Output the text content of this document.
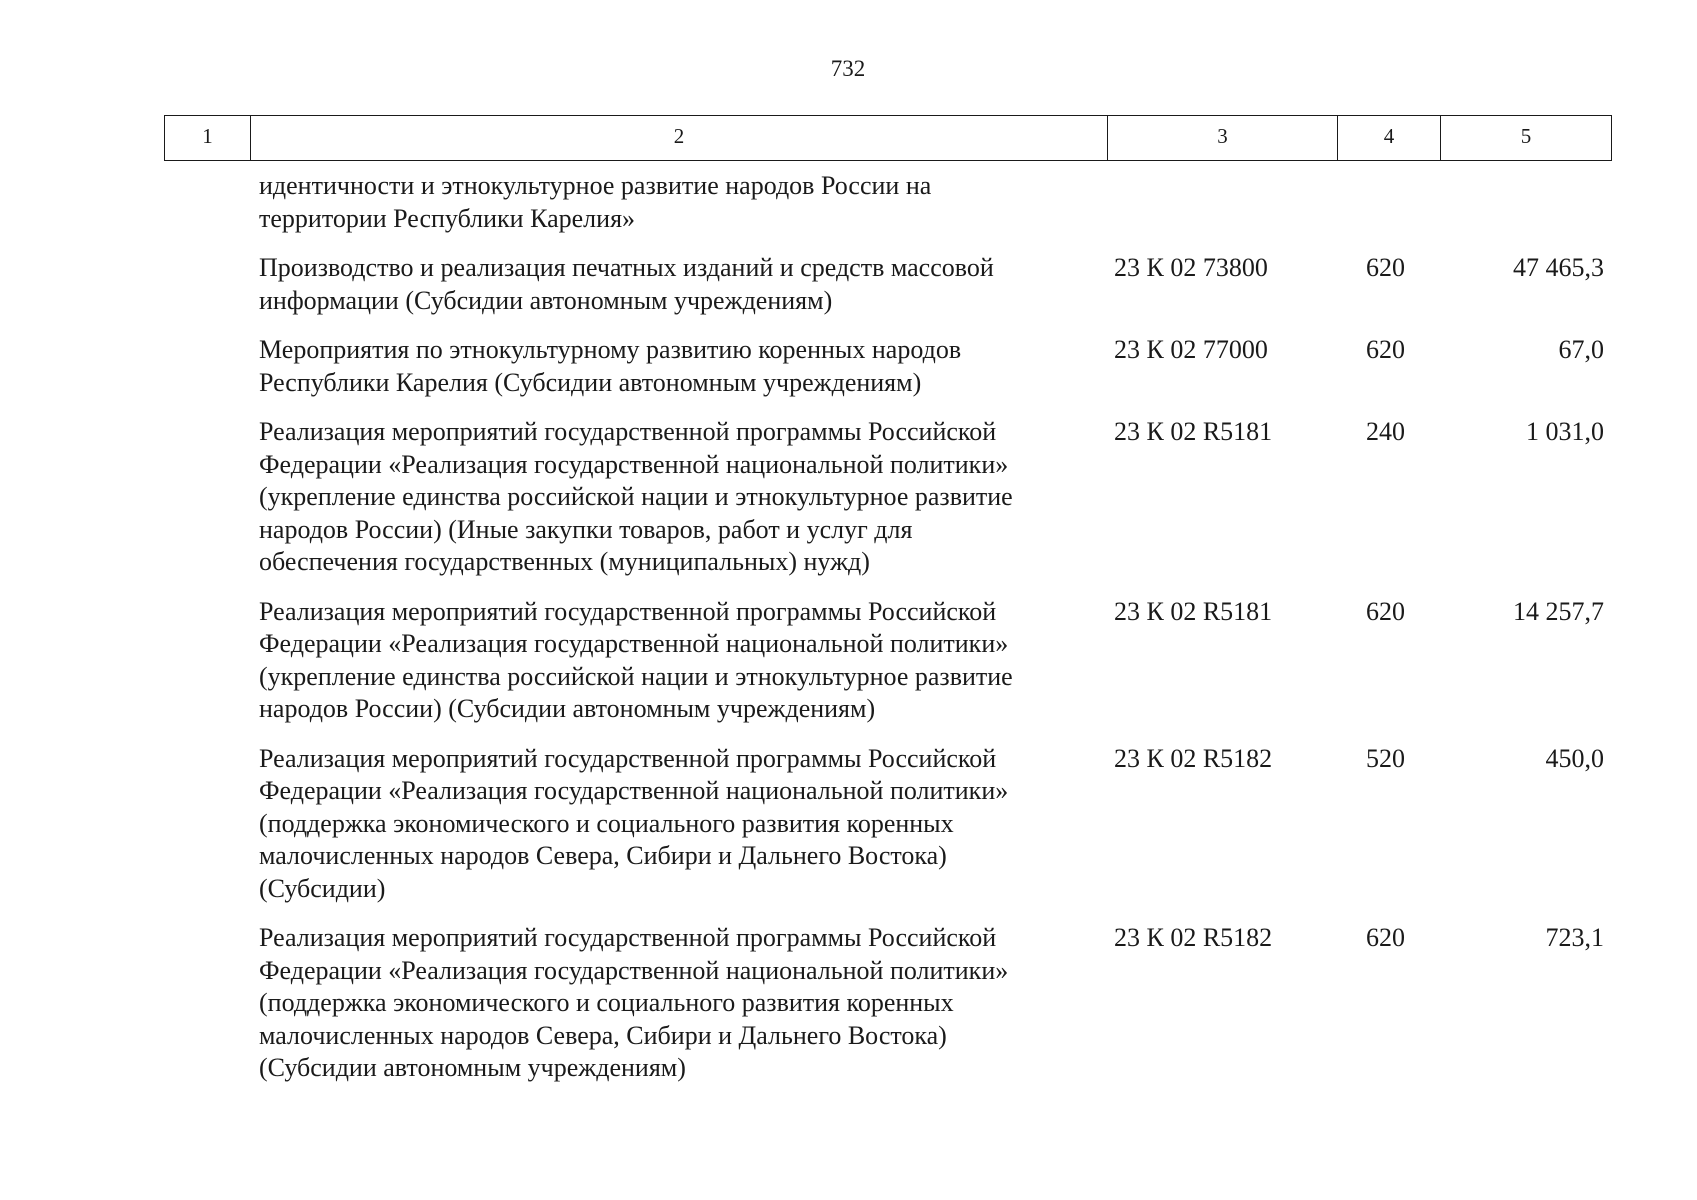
732
1	2	3	4	5
идентичности и этнокультурное развитие народов России на
территории Республики Карелия»
Производство и реализация печатных изданий и средств массовой
информации (Субсидии автономным учреждениям)
23 К 02 73800	620	47 465,3
Мероприятия по этнокультурному развитию коренных народов
Республики Карелия (Субсидии автономным учреждениям)
23 К 02 77000	620	67,0
Реализация мероприятий государственной программы Российской
Федерации «Реализация государственной национальной политики»
(укрепление единства российской нации и этнокультурное развитие
народов России) (Иные закупки товаров, работ и услуг для
обеспечения государственных (муниципальных) нужд)
23 К 02 R5181	240	1 031,0
Реализация мероприятий государственной программы Российской
Федерации «Реализация государственной национальной политики»
(укрепление единства российской нации и этнокультурное развитие
народов России) (Субсидии автономным учреждениям)
23 К 02 R5181	620	14 257,7
Реализация мероприятий государственной программы Российской
Федерации «Реализация государственной национальной политики»
(поддержка экономического и социального развития коренных
малочисленных народов Севера, Сибири и Дальнего Востока)
(Субсидии)
23 К 02 R5182	520	450,0
Реализация мероприятий государственной программы Российской
Федерации «Реализация государственной национальной политики»
(поддержка экономического и социального развития коренных
малочисленных народов Севера, Сибири и Дальнего Востока)
(Субсидии автономным учреждениям)
23 К 02 R5182	620	723,1
